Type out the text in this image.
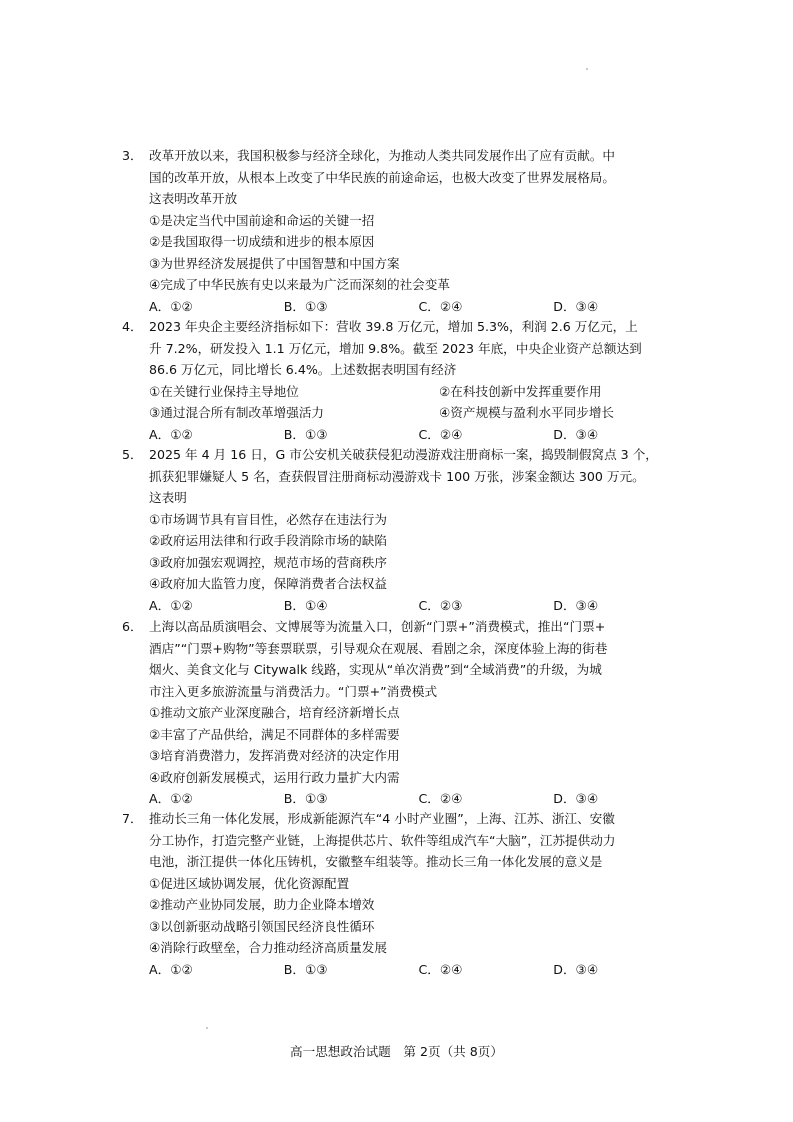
3． 改革开放以来，我国积极参与经济全球化，为推动人类共同发展作出了应有贡献。中
国的改革开放，从根本上改变了中华民族的前途命运，也极大改变了世界发展格局。
这表明改革开放
①是决定当代中国前途和命运的关键一招
②是我国取得一切成绩和进步的根本原因
③为世界经济发展提供了中国智慧和中国方案
④完成了中华民族有史以来最为广泛而深刻的社会变革
A．①②	B．①③	C．②④	D．③④
4． 2023 年央企主要经济指标如下：营收 39.8 万亿元，增加 5.3%，利润 2.6 万亿元，上
升 7.2%，研发投入 1.1 万亿元，增加 9.8%。截至 2023 年底，中央企业资产总额达到
86.6 万亿元，同比增长 6.4%。上述数据表明国有经济
①在关键行业保持主导地位	②在科技创新中发挥重要作用
③通过混合所有制改革增强活力	④资产规模与盈利水平同步增长
A．①②	B．①③	C．②④	D．③④
5． 2025 年 4 月 16 日，G 市公安机关破获侵犯动漫游戏注册商标一案，捣毁制假窝点 3 个，
抓获犯罪嫌疑人 5 名，查获假冒注册商标动漫游戏卡 100 万张，涉案金额达 300 万元。
这表明
①市场调节具有盲目性，必然存在违法行为
②政府运用法律和行政手段消除市场的缺陷
③政府加强宏观调控，规范市场的营商秩序
④政府加大监管力度，保障消费者合法权益
A．①②	B．①④	C．②③	D．③④
6． 上海以高品质演唱会、文博展等为流量入口，创新“门票+”消费模式，推出“门票+
酒店”“门票+购物”等套票联票，引导观众在观展、看剧之余，深度体验上海的街巷
烟火、美食文化与 Citywalk 线路，实现从“单次消费”到“全域消费”的升级，为城
市注入更多旅游流量与消费活力。“门票+”消费模式
①推动文旅产业深度融合，培育经济新增长点
②丰富了产品供给，满足不同群体的多样需要
③培育消费潜力，发挥消费对经济的决定作用
④政府创新发展模式，运用行政力量扩大内需
A．①②	B．①③	C．②④	D．③④
7． 推动长三角一体化发展，形成新能源汽车“4 小时产业圈”，上海、江苏、浙江、安徽
分工协作，打造完整产业链，上海提供芯片、软件等组成汽车“大脑”，江苏提供动力
电池，浙江提供一体化压铸机，安徽整车组装等。推动长三角一体化发展的意义是
①促进区域协调发展，优化资源配置
②推动产业协同发展，助力企业降本增效
③以创新驱动战略引领国民经济良性循环
④消除行政壁垒，合力推动经济高质量发展
A．①②	B．①③	C．②④	D．③④
高一思想政治试题　第 2页（共 8页）
